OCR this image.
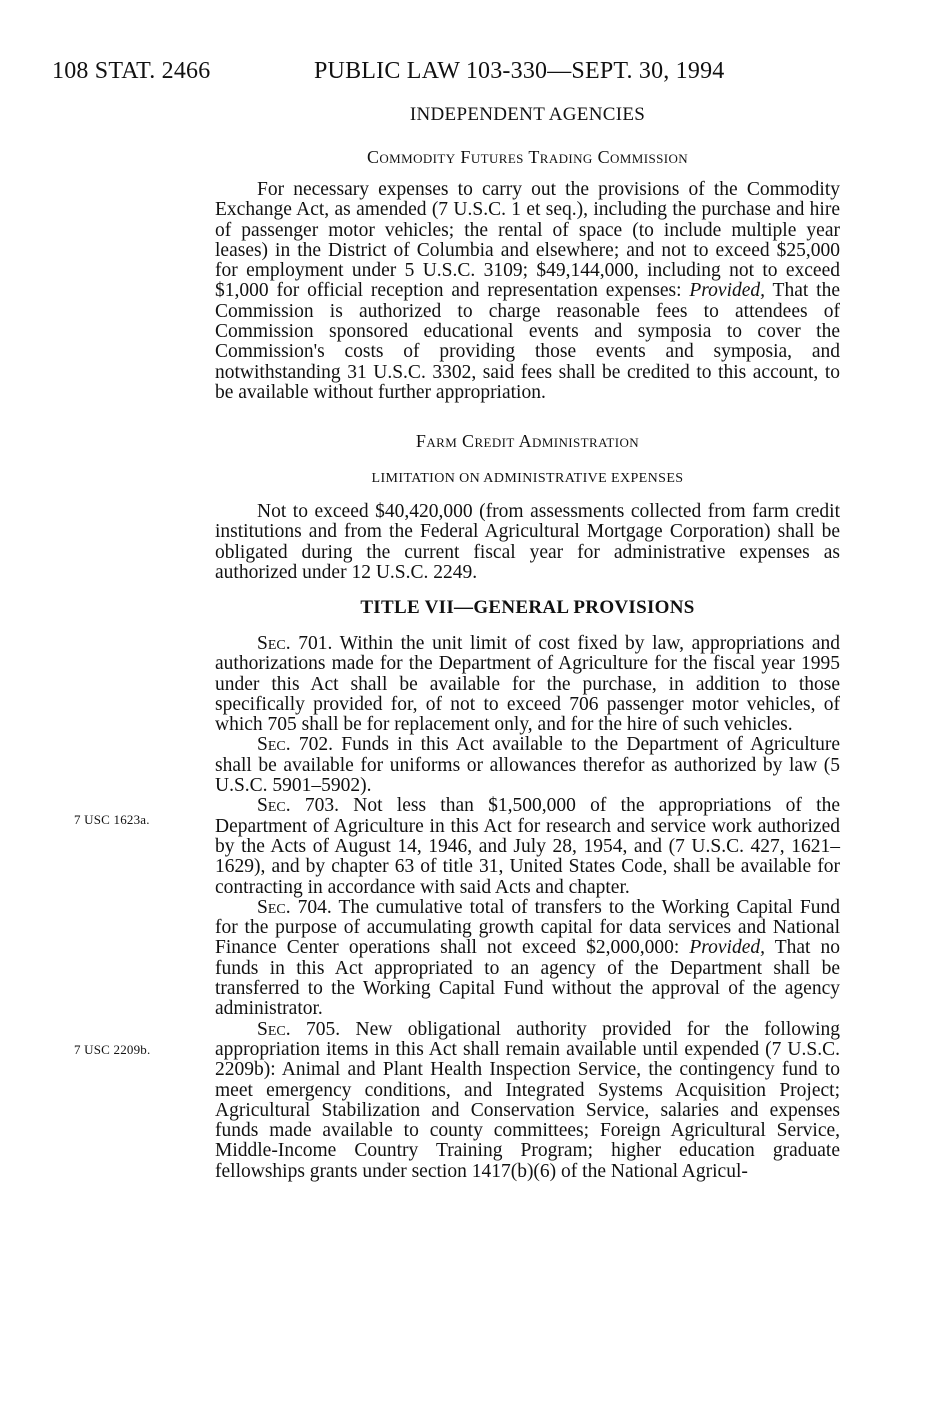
108 STAT. 2466	PUBLIC LAW 103-330—SEPT. 30, 1994
INDEPENDENT AGENCIES
Commodity Futures Trading Commission

For necessary expenses to carry out the provisions of the Commodity Exchange Act, as amended (7 U.S.C. 1 et seq.), including the purchase and hire of passenger motor vehicles; the rental of space (to include multiple year leases) in the District of Columbia and elsewhere; and not to exceed $25,000 for employment under 5 U.S.C. 3109; $49,144,000, including not to exceed $1,000 for official reception and representation expenses: Provided, That the Commission is authorized to charge reasonable fees to attendees of Commission sponsored educational events and symposia to cover the Commission's costs of providing those events and symposia, and notwithstanding 31 U.S.C. 3302, said fees shall be credited to this account, to be available without further appropriation.

Farm Credit Administration
LIMITATION ON ADMINISTRATIVE EXPENSES

Not to exceed $40,420,000 (from assessments collected from farm credit institutions and from the Federal Agricultural Mortgage Corporation) shall be obligated during the current fiscal year for administrative expenses as authorized under 12 U.S.C. 2249.

TITLE VII—GENERAL PROVISIONS

Sec. 701. Within the unit limit of cost fixed by law, appropriations and authorizations made for the Department of Agriculture for the fiscal year 1995 under this Act shall be available for the purchase, in addition to those specifically provided for, of not to exceed 706 passenger motor vehicles, of which 705 shall be for replacement only, and for the hire of such vehicles.

Sec. 702. Funds in this Act available to the Department of Agriculture shall be available for uniforms or allowances therefor as authorized by law (5 U.S.C. 5901–5902).

Sec. 703. Not less than $1,500,000 of the appropriations of the Department of Agriculture in this Act for research and service work authorized by the Acts of August 14, 1946, and July 28, 1954, and (7 U.S.C. 427, 1621–1629), and by chapter 63 of title 31, United States Code, shall be available for contracting in accordance with said Acts and chapter.

Sec. 704. The cumulative total of transfers to the Working Capital Fund for the purpose of accumulating growth capital for data services and National Finance Center operations shall not exceed $2,000,000: Provided, That no funds in this Act appropriated to an agency of the Department shall be transferred to the Working Capital Fund without the approval of the agency administrator.

Sec. 705. New obligational authority provided for the following appropriation items in this Act shall remain available until expended (7 U.S.C. 2209b): Animal and Plant Health Inspection Service, the contingency fund to meet emergency conditions, and Integrated Systems Acquisition Project; Agricultural Stabilization and Conservation Service, salaries and expenses funds made available to county committees; Foreign Agricultural Service, Middle-Income Country Training Program; higher education graduate fellowships grants under section 1417(b)(6) of the National Agricul-

7 USC 1623a.
7 USC 2209b.
